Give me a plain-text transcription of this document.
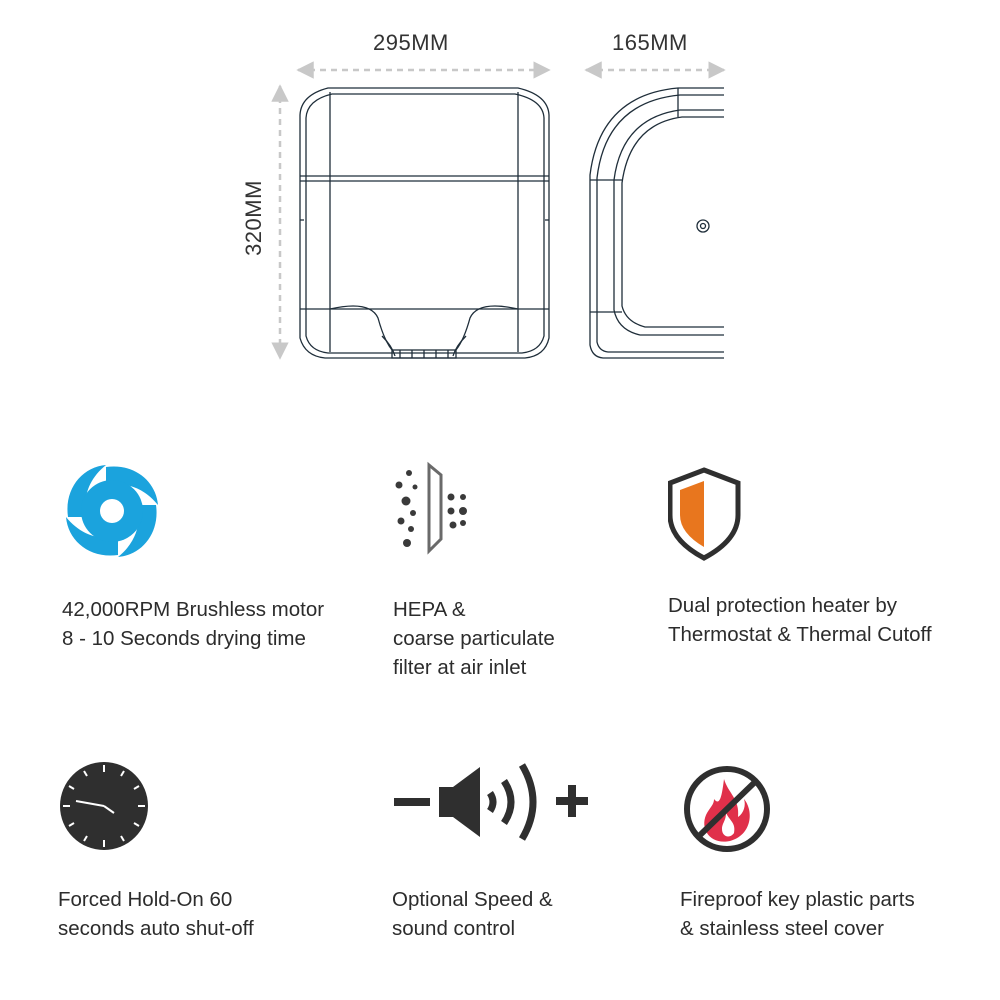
295MM	165MM
320MM
42,000RPM Brushless motor
8 - 10 Seconds drying time
HEPA &
coarse particulate
filter at air inlet
Dual protection heater by
Thermostat & Thermal Cutoff
Forced Hold-On 60
seconds auto shut-off
Optional Speed &
sound control
Fireproof key plastic parts
& stainless steel cover
